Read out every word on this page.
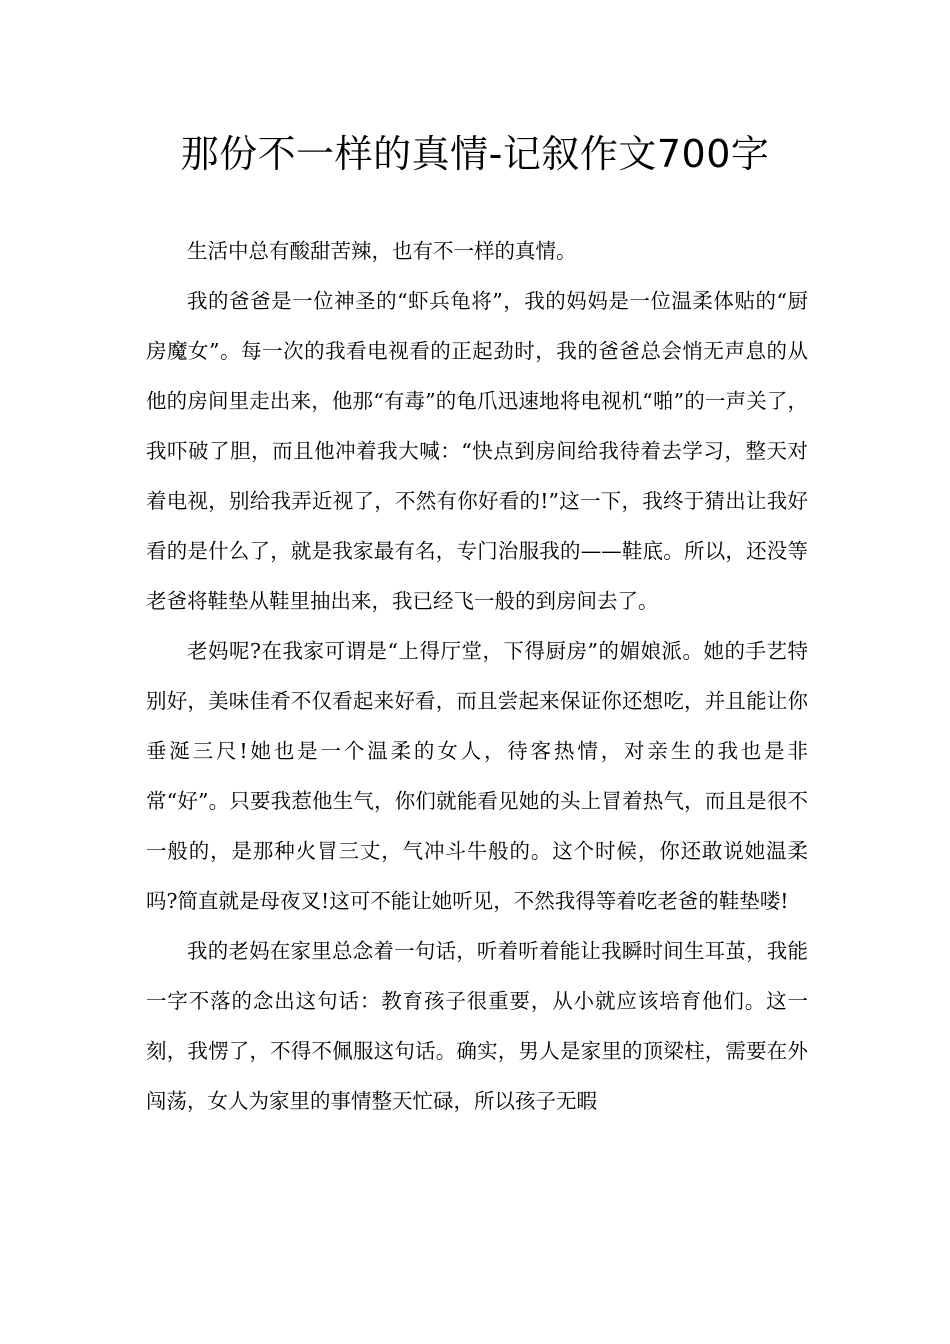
那份不一样的真情-记叙作文700字

生活中总有酸甜苦辣，也有不一样的真情。

我的爸爸是一位神圣的“虾兵龟将”，我的妈妈是一位温柔体贴的“厨房魔女”。每一次的我看电视看的正起劲时，我的爸爸总会悄无声息的从他的房间里走出来，他那“有毒”的龟爪迅速地将电视机“啪”的一声关了，我吓破了胆，而且他冲着我大喊：“快点到房间给我待着去学习，整天对着电视，别给我弄近视了，不然有你好看的!”这一下，我终于猜出让我好看的是什么了，就是我家最有名，专门治服我的——鞋底。所以，还没等老爸将鞋垫从鞋里抽出来，我已经飞一般的到房间去了。

老妈呢?在我家可谓是“上得厅堂，下得厨房”的媚娘派。她的手艺特别好，美味佳肴不仅看起来好看，而且尝起来保证你还想吃，并且能让你垂涎三尺!她也是一个温柔的女人，待客热情，对亲生的我也是非常“好”。只要我惹他生气，你们就能看见她的头上冒着热气，而且是很不一般的，是那种火冒三丈，气冲斗牛般的。这个时候，你还敢说她温柔吗?简直就是母夜叉!这可不能让她听见，不然我得等着吃老爸的鞋垫喽!

我的老妈在家里总念着一句话，听着听着能让我瞬时间生耳茧，我能一字不落的念出这句话：教育孩子很重要，从小就应该培育他们。这一刻，我愣了，不得不佩服这句话。确实，男人是家里的顶梁柱，需要在外闯荡，女人为家里的事情整天忙碌，所以孩子无暇
